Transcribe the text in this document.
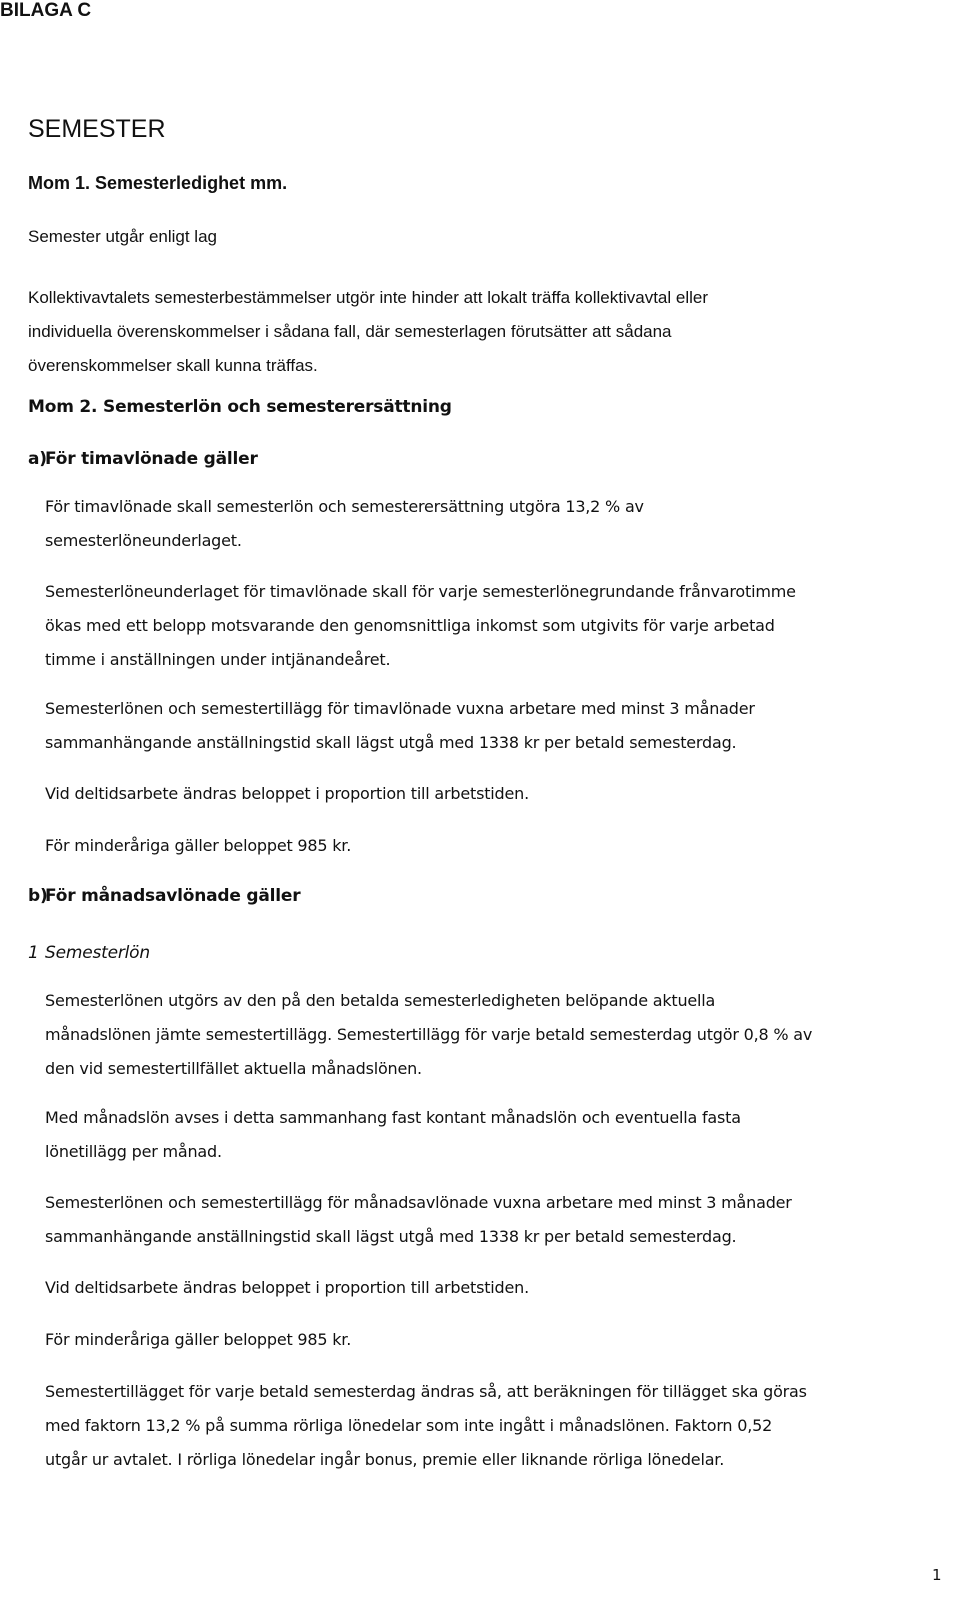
BILAGA C
SEMESTER
Mom 1. Semesterledighet mm.
Semester utgår enligt lag
Kollektivavtalets semesterbestämmelser utgör inte hinder att lokalt träffa kollektivavtal eller
individuella överenskommelser i sådana fall, där semesterlagen förutsätter att sådana
överenskommelser skall kunna träffas.
Mom 2. Semesterlön och semesterersättning
a)
För timavlönade gäller
För timavlönade skall semesterlön och semesterersättning utgöra 13,2 % av
semesterlöneunderlaget.
Semesterlöneunderlaget för timavlönade skall för varje semesterlönegrundande frånvarotimme
ökas med ett belopp motsvarande den genomsnittliga inkomst som utgivits för varje arbetad
timme i anställningen under intjänandeåret.
Semesterlönen och semestertillägg för timavlönade vuxna arbetare med minst 3 månader
sammanhängande anställningstid skall lägst utgå med 1338 kr per betald semesterdag.
Vid deltidsarbete ändras beloppet i proportion till arbetstiden.
För minderåriga gäller beloppet 985 kr.
b)
För månadsavlönade gäller
1 Semesterlön
Semesterlönen utgörs av den på den betalda semesterledigheten belöpande aktuella
månadslönen jämte semestertillägg. Semestertillägg för varje betald semesterdag utgör 0,8 % av
den vid semestertillfället aktuella månadslönen.
Med månadslön avses i detta sammanhang fast kontant månadslön och eventuella fasta
lönetillägg per månad.
Semesterlönen och semestertillägg för månadsavlönade vuxna arbetare med minst 3 månader
sammanhängande anställningstid skall lägst utgå med 1338 kr per betald semesterdag.
Vid deltidsarbete ändras beloppet i proportion till arbetstiden.
För minderåriga gäller beloppet 985 kr.
Semestertillägget för varje betald semesterdag ändras så, att beräkningen för tillägget ska göras
med faktorn 13,2 % på summa rörliga lönedelar som inte ingått i månadslönen. Faktorn 0,52
utgår ur avtalet. I rörliga lönedelar ingår bonus, premie eller liknande rörliga lönedelar.
1
